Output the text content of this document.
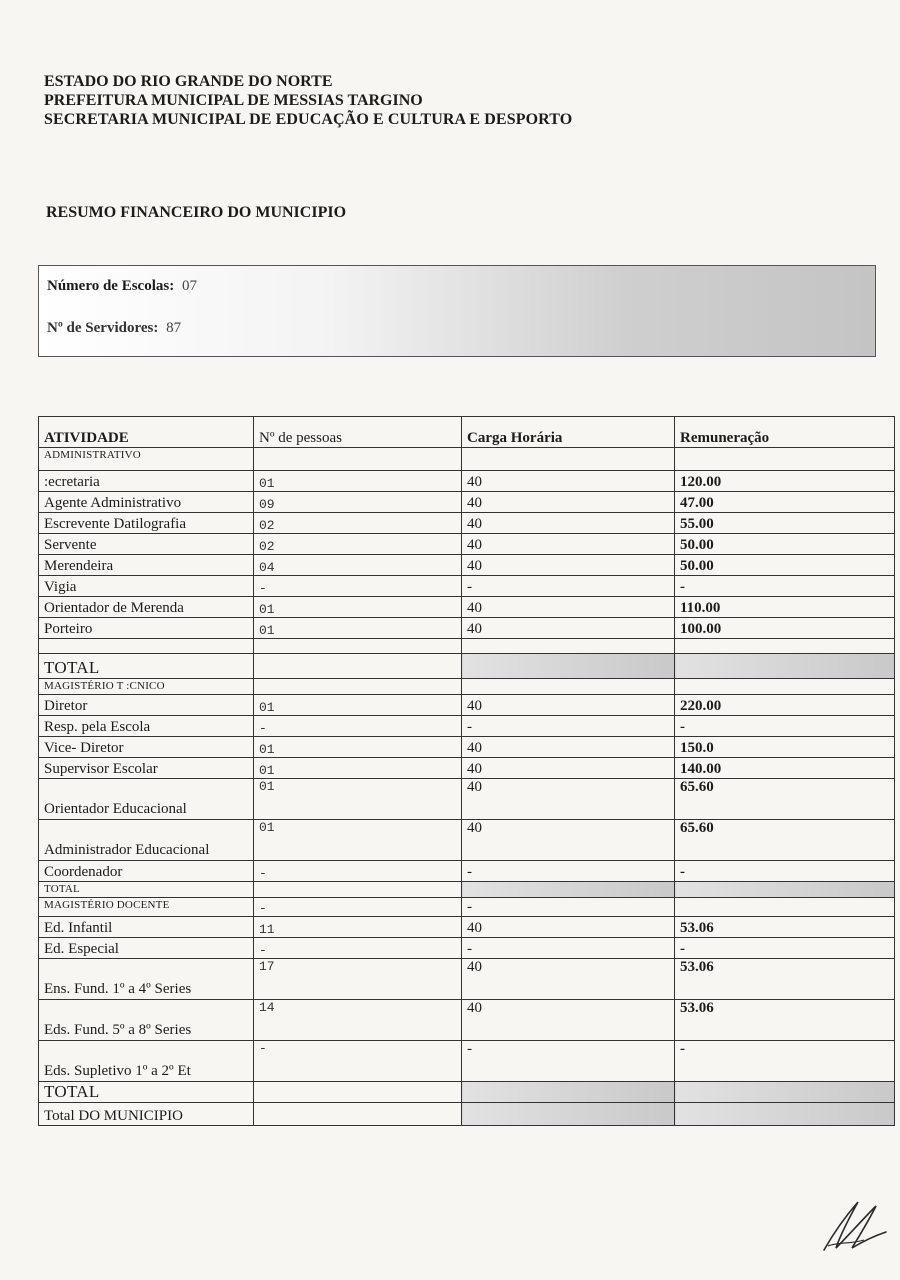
ESTADO DO RIO GRANDE DO NORTE
PREFEITURA MUNICIPAL DE MESSIAS TARGINO
SECRETARIA MUNICIPAL DE EDUCAÇÃO E CULTURA E DESPORTO
RESUMO FINANCEIRO DO MUNICIPIO
Número de Escolas: 07
Nº de Servidores: 87
ATIVIDADE	Nº de pessoas	Carga Horária	Remuneração
ADMINISTRATIVO			
:ecretaria	01	40	120.00
Agente Administrativo	09	40	47.00
Escrevente Datilografia	02	40	55.00
Servente	02	40	50.00
Merendeira	04	40	50.00
Vigia	-	-	-
Orientador de Merenda	01	40	110.00
Porteiro	01	40	100.00

TOTAL			
MAGISTÉRIO T :CNICO			
Diretor	01	40	220.00
Resp. pela Escola	-	-	-
Vice- Diretor	01	40	150.0
Supervisor Escolar	01	40	140.00
Orientador Educacional	01	40	65.60
Administrador Educacional	01	40	65.60
Coordenador	-	-	-
TOTAL			
MAGISTÉRIO DOCENTE	-	-	
Ed. Infantil	11	40	53.06
Ed. Especial	-	-	-
Ens. Fund. 1º a 4º Series	17	40	53.06
Eds. Fund. 5º a 8º Series	14	40	53.06
Eds. Supletivo 1º a 2º Et	-	-	-
TOTAL			
Total DO MUNICIPIO			
